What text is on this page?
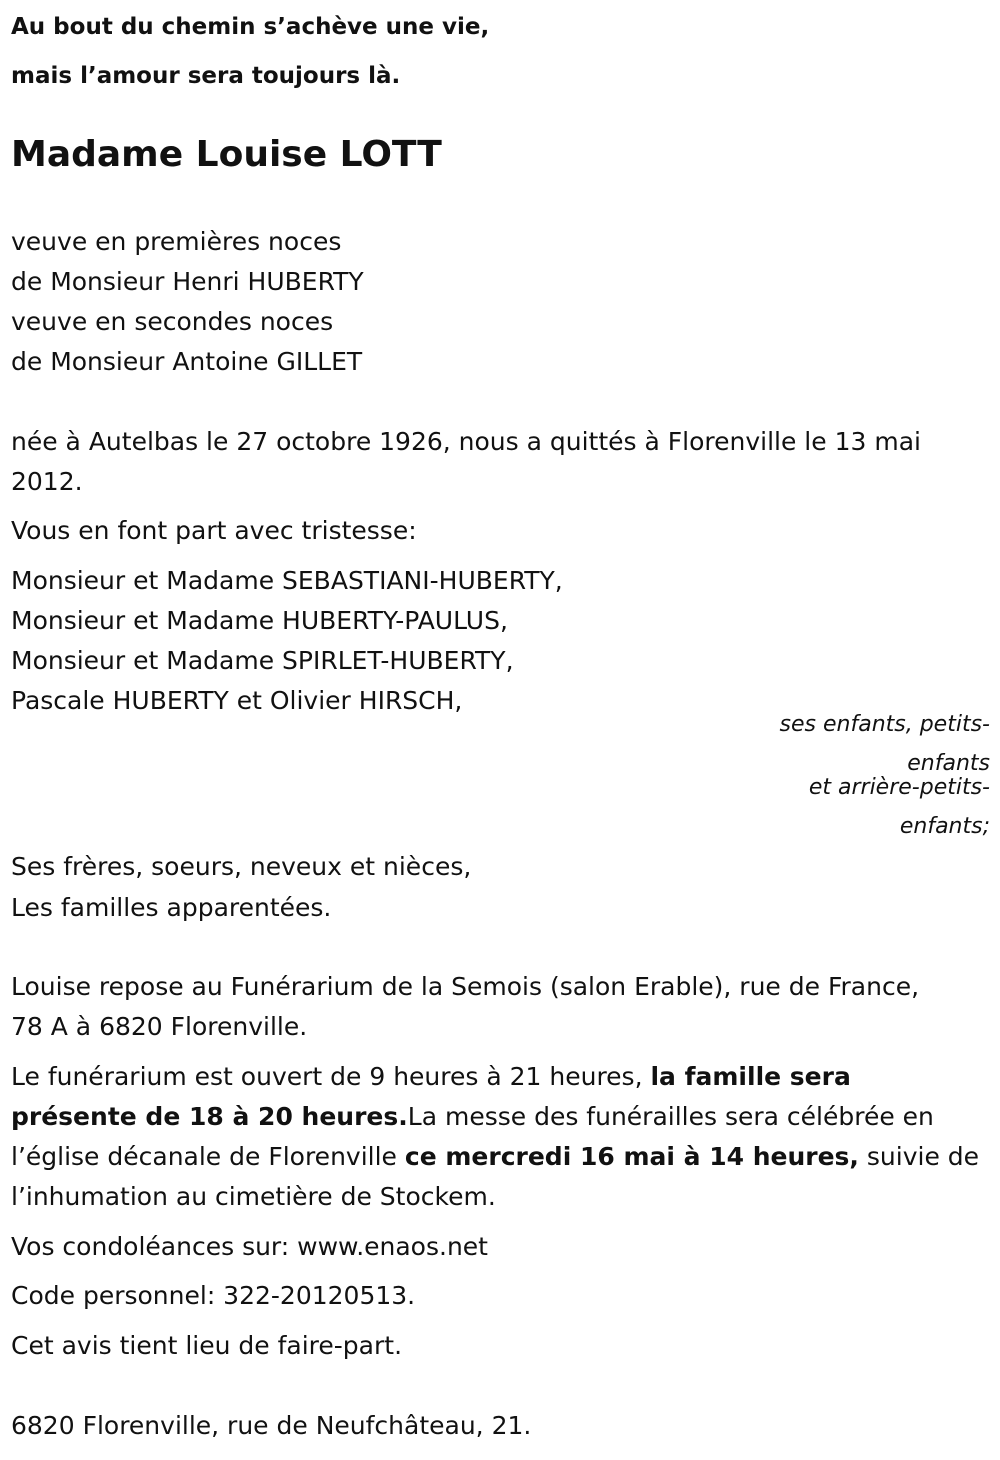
Au bout du chemin s’achève une vie,
mais l’amour sera toujours là.
Madame Louise LOTT
veuve en premières noces
de Monsieur Henri HUBERTY
veuve en secondes noces
de Monsieur Antoine GILLET
née à Autelbas le 27 octobre 1926, nous a quittés à Florenville le 13 mai
2012.
Vous en font part avec tristesse:
Monsieur et Madame SEBASTIANI-HUBERTY,
Monsieur et Madame HUBERTY-PAULUS,
Monsieur et Madame SPIRLET-HUBERTY,
Pascale HUBERTY et Olivier HIRSCH,
ses enfants, petits-
enfants
et arrière-petits-
enfants;
Ses frères, soeurs, neveux et nièces,
Les familles apparentées.
Louise repose au Funérarium de la Semois (salon Erable), rue de France,
78 A à 6820 Florenville.
Le funérarium est ouvert de 9 heures à 21 heures, la famille sera
présente de 18 à 20 heures.La messe des funérailles sera célébrée en
l’église décanale de Florenville ce mercredi 16 mai à 14 heures, suivie de
l’inhumation au cimetière de Stockem.
Vos condoléances sur: www.enaos.net
Code personnel: 322-20120513.
Cet avis tient lieu de faire-part.
6820 Florenville, rue de Neufchâteau, 21.
